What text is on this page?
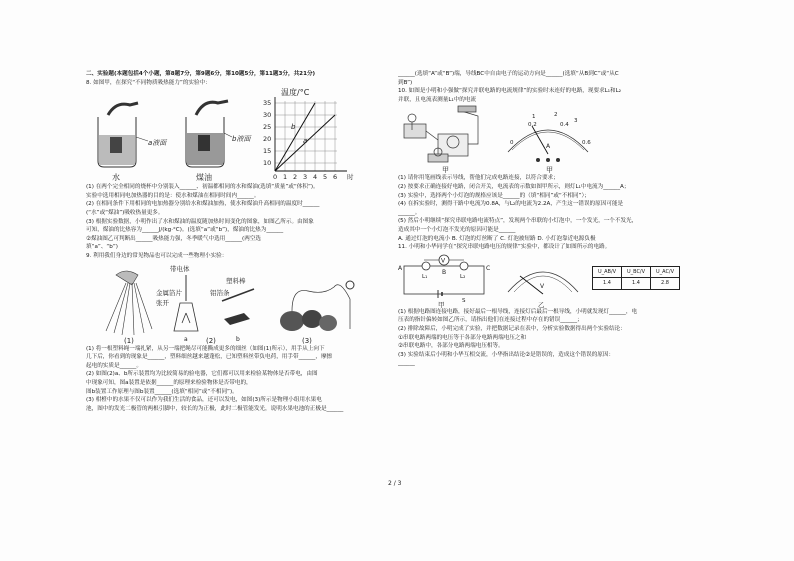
二、实验题(本题包括4个小题，第8题7分，第9题6分，第10题5分，第11题3分，共21分)
8. 如图甲，在探究“不同物质吸热能力”的实验中：
a液面	b液面
水	煤油
温度/°C
b
a
35
30
25
20
15
10
0 1 2 3 4 5 6 时
(1) 在两个完全相同的烧杯中分别装入______、初温都相同的水和煤油(选填“质量”或“体积”)。
实验中选用相同电加热器的目的是：使水和煤油在相同时间内______。
(2) 在相同条件下用相同的电加热器分别给水和煤油加热，使水和煤油升高相同的温度时______
(“水”或“煤油”)吸收热量更多。
(3) 根据实验数据，小明作出了水和煤油的温度随加热时间变化的图象，如图乙所示。由图象
可知，煤油的比热容为______J/(kg·°C)。(选填“a”或“b”)，煤油的比热为______
②煤油图乙可判断出______吸热能力强，冬季暖气中选用______(两空选
填“a”、“b”)
9. 利用我们身边的常见物品也可以完成一些物理小实验：
(1)
带电体
金属箔片
张开
a
塑料棒
铝箔条
b
(2)	(3)
(1) 将一根塑料绳一端扎紧，从另一端把绳尽可能撕成更多的细丝（如图(1)所示），用手从上向下
几下后，你看到的现象是______，塑料细丝越来越蓬松，已知塑料丝带负电荷，用手带______，摩擦
起电的实质是______。
(2) 如图(2)a、b所示装置均为比较简易的验电器，它们都可以用来检验某物体是否带电，由图
中现象可知，图a装置是依据______的原理来检验物体是否带电的，
图b装置工作原理与图b装置______(选填“相同”或“不相同”)。
(3) 柑橙中的水果不仅可以作为我们生活的食品，还可以发电，如图(3)所示是物理小组用水果电
池，图中的发光二极管的两根引脚中，较长的为正极，此时二极管能发光，说明水果电池的正极是______
______(选填“A”或“B”)端，导线BC中自由电子的运动方向是______(选填“从B到C”或“从C
到B”)
10. 如图是小明和小强做“探究并联电路的电流规律”的实验时未连好的电路，现要求L₁和L₂
并联，且电流表测量L₁中的电流
甲
0
0.2	0.4
0.6
1	2
3
A
甲
(1) 请你用笔画线表示导线，帮他们完成电路连接，以符合要求；
(2) 按要求正确连接好电路，闭合开关，电流表的示数如图甲所示，则灯L₁中电流为______A；
(3) 实验中，选择两个小灯泡的规格应该是______的（填“相同”或“不相同”）；
(4) 在拆实验时，测得干路中电流为0.8A，与L₂的电流为2.2A，产生这一错误的原因可能是
______。
(5) 然后小明继续“探究串联电路电流特点”，发现两个串联的小灯泡中，一个发光，一个不发光，
造成其中一个小灯泡不发光的原因可能是______
A. 通过灯泡的电流小 B. 灯泡的灯丝断了 C. 灯泡被短路 D. 小灯泡靠近电源负极
11. 小明和小华同学在“探究串联电路电压的规律”实验中，都设计了如图所示的电路。
V
A
B
C
L₁	L₂
S
甲
V
乙
U_AB/V	U_BC/V	U_AC/V
1.4	1.4	2.8
(1) 根据电路图连接电路，接好最后一根导线，连接灯后最后一根导线，小明就发现灯______，电
压表的指针偏转如图乙所示，请指出他们在连接过程中存在的错误______；
(2) 排除故障后，小明完成了实验，并把数据记录在表中，分析实验数据得出两个实验结论：
①串联电路两端的电压等于各部分电路两端电压之和
②串联电路中，各部分电路两端电压相等。
(3) 实验结束后小明和小华互相交流，小华指出结论②是错误的，造成这个错误的原因：
______
2 / 3
